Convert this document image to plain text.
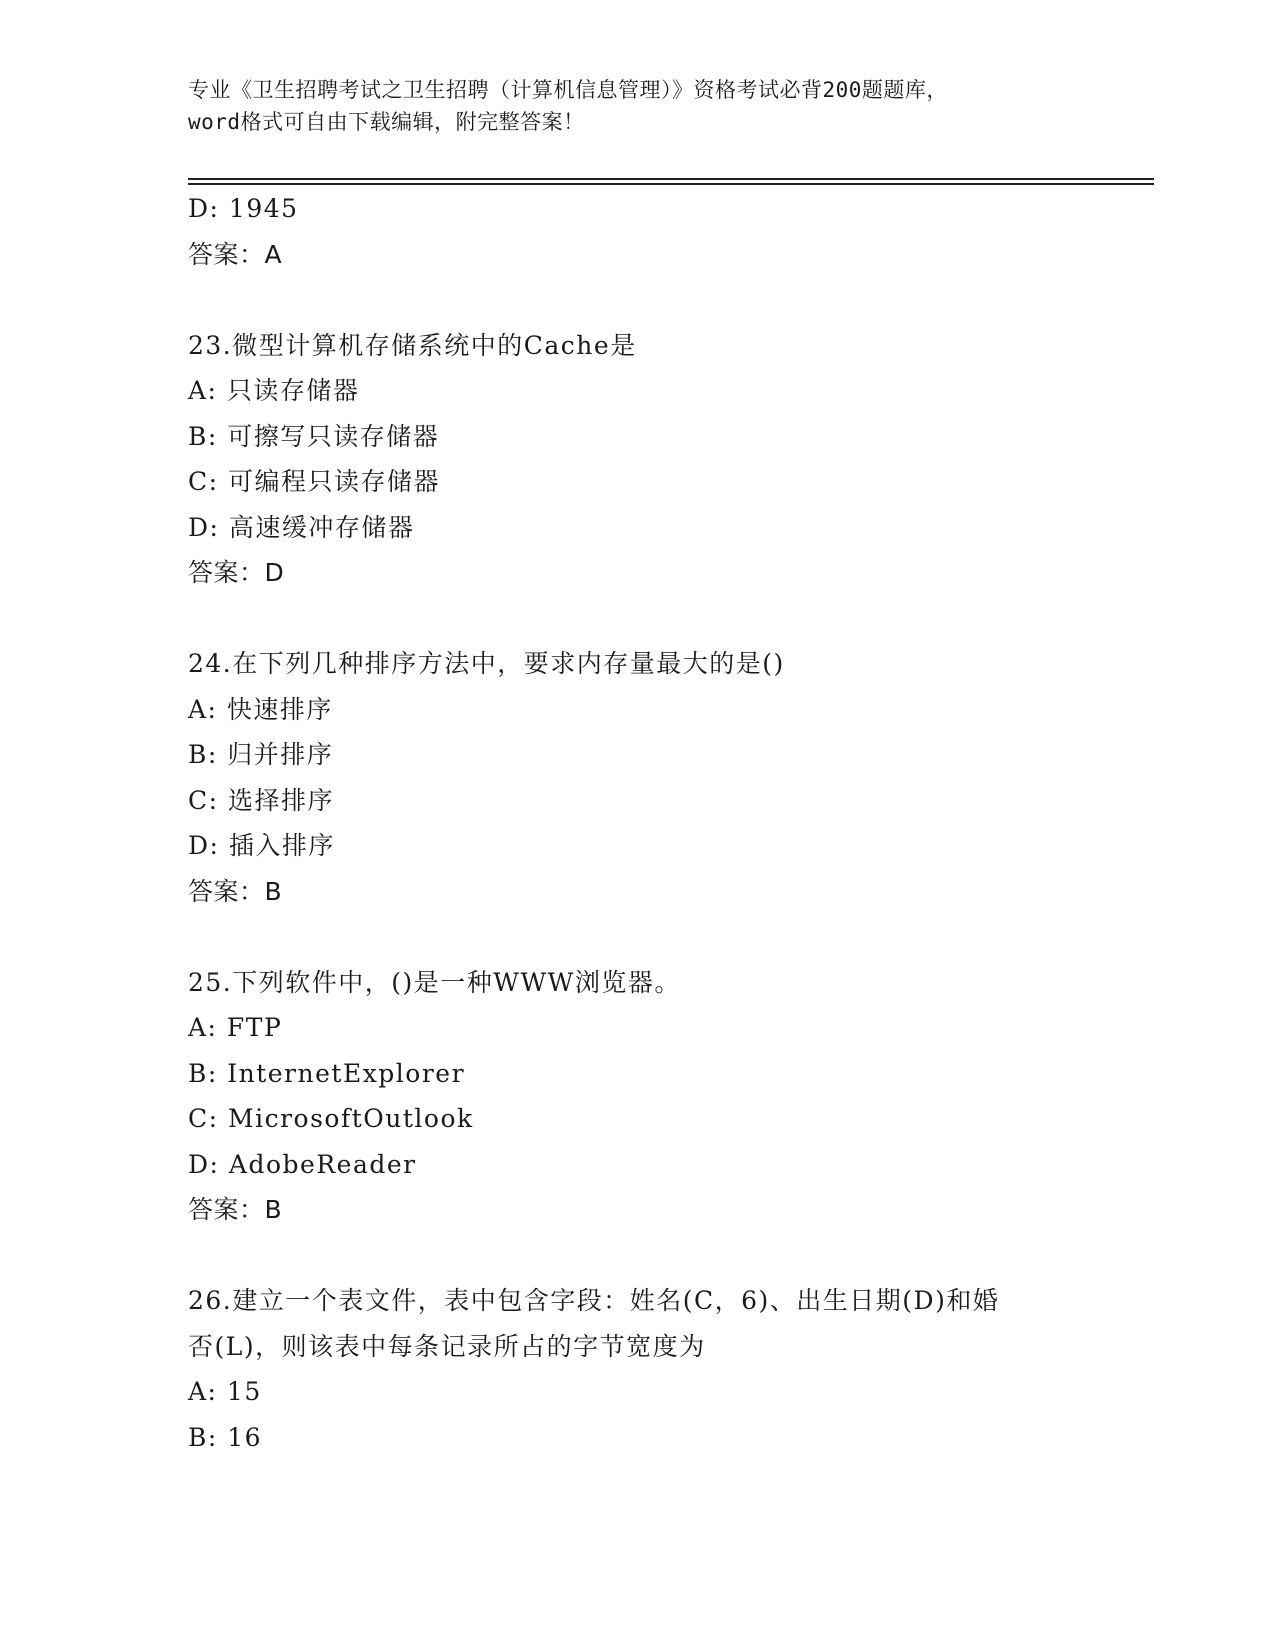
专业《卫生招聘考试之卫生招聘（计算机信息管理）》资格考试必背200题题库，
word格式可自由下载编辑，附完整答案！
D: 1945
答案：A
23.微型计算机存储系统中的Cache是
A: 只读存储器
B: 可擦写只读存储器
C: 可编程只读存储器
D: 高速缓冲存储器
答案：D
24.在下列几种排序方法中，要求内存量最大的是()
A: 快速排序
B: 归并排序
C: 选择排序
D: 插入排序
答案：B
25.下列软件中，()是一种WWW浏览器。
A: FTP
B: InternetExplorer
C: MicrosoftOutlook
D: AdobeReader
答案：B
26.建立一个表文件，表中包含字段：姓名(C，6)、出生日期(D)和婚
否(L)，则该表中每条记录所占的字节宽度为
A: 15
B: 16
